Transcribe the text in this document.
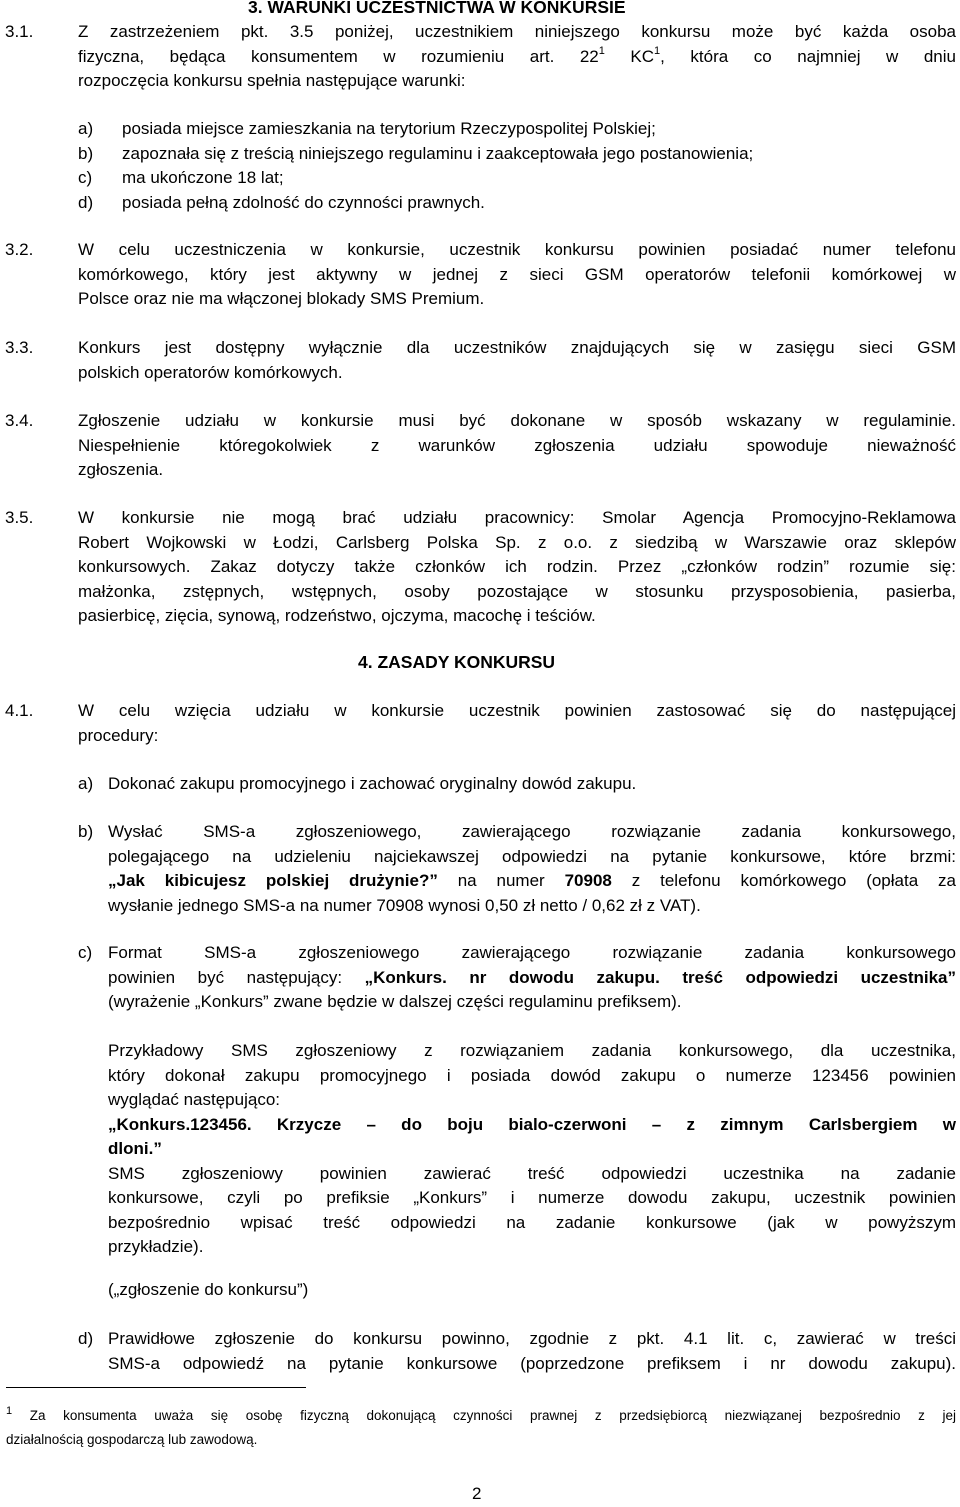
3. WARUNKI UCZESTNICTWA W KONKURSIE
3.1.	Z zastrzeżeniem pkt. 3.5 poniżej, uczestnikiem niniejszego konkursu może być każda osoba
fizyczna, będąca konsumentem w rozumieniu art. $22^1$ $KC^1$, która co najmniej w dniu
rozpoczęcia konkursu spełnia następujące warunki:
a) posiada miejsce zamieszkania na terytorium Rzeczypospolitej Polskiej;
b) zapoznała się z treścią niniejszego regulaminu i zaakceptowała jego postanowienia;
c) ma ukończone 18 lat;
d) posiada pełną zdolność do czynności prawnych.
3.2.	W celu uczestniczenia w konkursie, uczestnik konkursu powinien posiadać numer telefonu
komórkowego, który jest aktywny w jednej z sieci GSM operatorów telefonii komórkowej w
Polsce oraz nie ma włączonej blokady SMS Premium.
3.3.	Konkurs jest dostępny wyłącznie dla uczestników znajdujących się w zasięgu sieci GSM
polskich operatorów komórkowych.
3.4.	Zgłoszenie udziału w konkursie musi być dokonane w sposób wskazany w regulaminie.
Niespełnienie któregokolwiek z warunków zgłoszenia udziału spowoduje nieważność
zgłoszenia.
3.5.	W konkursie nie mogą brać udziału pracownicy: Smolar Agencja Promocyjno-Reklamowa
Robert Wojkowski w Łodzi, Carlsberg Polska Sp. z o.o. z siedzibą w Warszawie oraz sklepów
konkursowych. Zakaz dotyczy także członków ich rodzin. Przez „członków rodzin” rozumie się:
małżonka, zstępnych, wstępnych, osoby pozostające w stosunku przysposobienia, pasierba,
pasierbicę, zięcia, synową, rodzeństwo, ojczyma, macochę i teściów.
4. ZASADY KONKURSU
4.1.	W celu wzięcia udziału w konkursie uczestnik powinien zastosować się do następującej
procedury:
a) Dokonać zakupu promocyjnego i zachować oryginalny dowód zakupu.
b) Wysłać SMS-a zgłoszeniowego, zawierającego rozwiązanie zadania konkursowego,
polegającego na udzieleniu najciekawszej odpowiedzi na pytanie konkursowe, które brzmi:
„Jak kibicujesz polskiej drużynie?” na numer 70908 z telefonu komórkowego (opłata za
wysłanie jednego SMS-a na numer 70908 wynosi 0,50 zł netto / 0,62 zł z VAT).
c) Format SMS-a zgłoszeniowego zawierającego rozwiązanie zadania konkursowego
powinien być następujący: „Konkurs. nr dowodu zakupu. treść odpowiedzi uczestnika”
(wyrażenie „Konkurs” zwane będzie w dalszej części regulaminu prefiksem).
Przykładowy SMS zgłoszeniowy z rozwiązaniem zadania konkursowego, dla uczestnika,
który dokonał zakupu promocyjnego i posiada dowód zakupu o numerze 123456 powinien
wyglądać następująco:
„Konkurs.123456. Krzycze – do boju bialo-czerwoni – z zimnym Carlsbergiem w
dloni.”
SMS zgłoszeniowy powinien zawierać treść odpowiedzi uczestnika na zadanie
konkursowe, czyli po prefiksie „Konkurs” i numerze dowodu zakupu, uczestnik powinien
bezpośrednio wpisać treść odpowiedzi na zadanie konkursowe (jak w powyższym
przykładzie).
(„zgłoszenie do konkursu”)
d) Prawidłowe zgłoszenie do konkursu powinno, zgodnie z pkt. 4.1 lit. c, zawierać w treści
SMS-a odpowiedź na pytanie konkursowe (poprzedzone prefiksem i nr dowodu zakupu).
$^1$ Za konsumenta uważa się osobę fizyczną dokonującą czynności prawnej z przedsiębiorcą niezwiązanej bezpośrednio z jej
działalnością gospodarczą lub zawodową.
2
